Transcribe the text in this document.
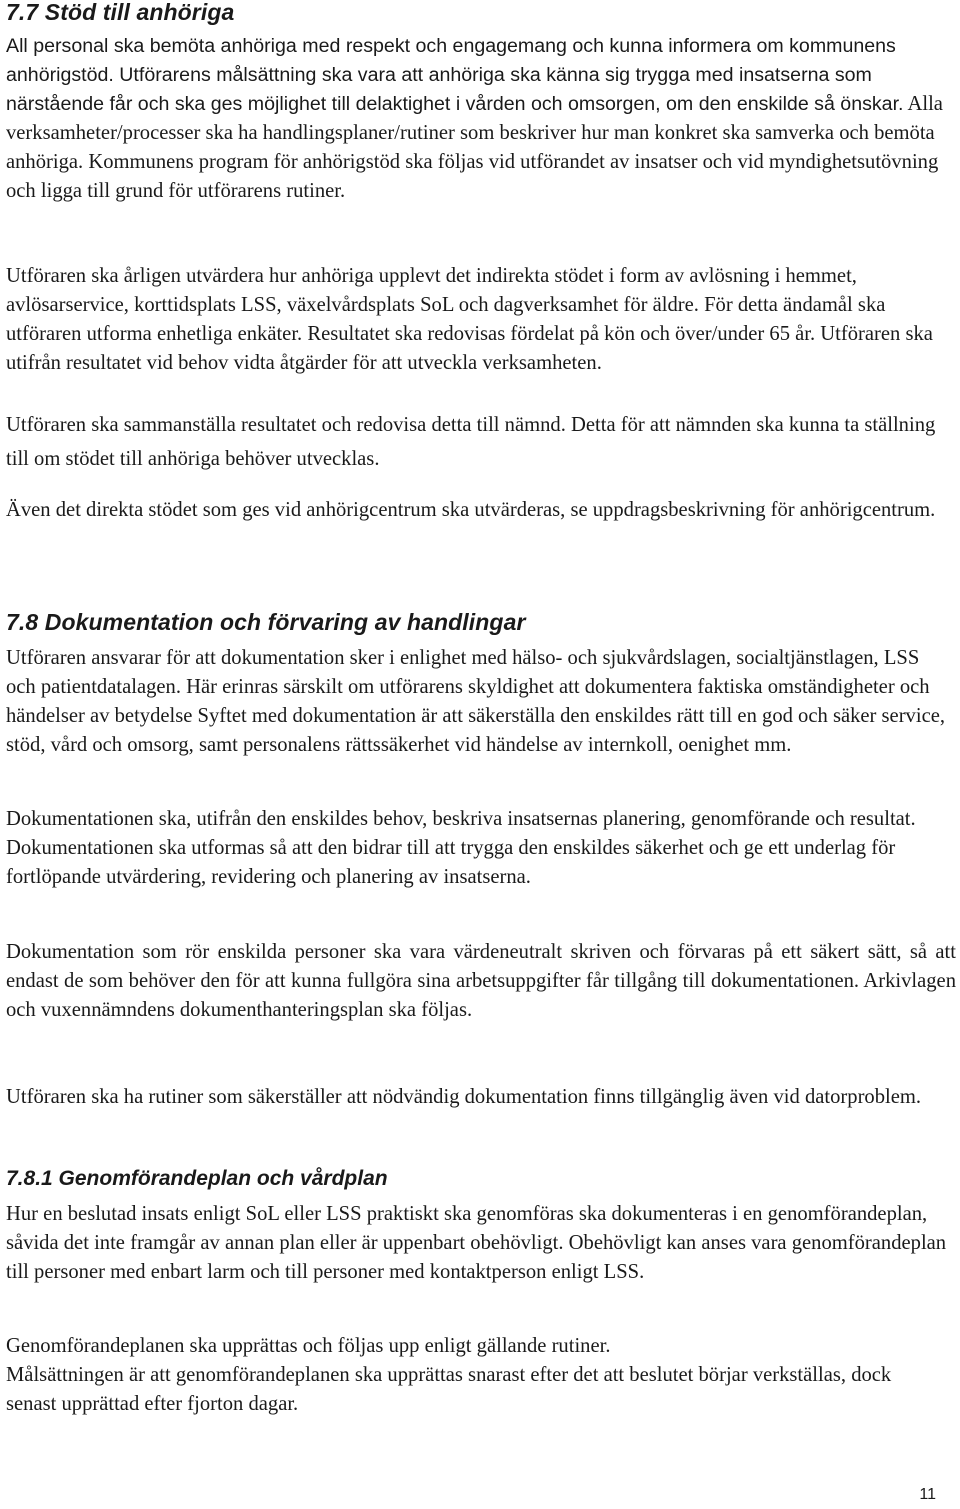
7.7 Stöd till anhöriga

All personal ska bemöta anhöriga med respekt och engagemang och kunna informera om kommunens anhörigstöd. Utförarens målsättning ska vara att anhöriga ska känna sig trygga med insatserna som närstående får och ska ges möjlighet till delaktighet i vården och omsorgen, om den enskilde så önskar. Alla verksamheter/processer ska ha handlingsplaner/rutiner som beskriver hur man konkret ska samverka och bemöta anhöriga. Kommunens program för anhörigstöd ska följas vid utförandet av insatser och vid myndighetsutövning och ligga till grund för utförarens rutiner.

Utföraren ska årligen utvärdera hur anhöriga upplevt det indirekta stödet i form av avlösning i hemmet, avlösarservice, korttidsplats LSS, växelvårdsplats SoL och dagverksamhet för äldre. För detta ändamål ska utföraren utforma enhetliga enkäter. Resultatet ska redovisas fördelat på kön och över/under 65 år. Utföraren ska utifrån resultatet vid behov vidta åtgärder för att utveckla verksamheten.

Utföraren ska sammanställa resultatet och redovisa detta till nämnd. Detta för att nämnden ska kunna ta ställning till om stödet till anhöriga behöver utvecklas.

Även det direkta stödet som ges vid anhörigcentrum ska utvärderas, se uppdragsbeskrivning för anhörigcentrum.

7.8 Dokumentation och förvaring av handlingar

Utföraren ansvarar för att dokumentation sker i enlighet med hälso- och sjukvårdslagen, socialtjänstlagen, LSS och patientdatalagen. Här erinras särskilt om utförarens skyldighet att dokumentera faktiska omständigheter och händelser av betydelse Syftet med dokumentation är att säkerställa den enskildes rätt till en god och säker service, stöd, vård och omsorg, samt personalens rättssäkerhet vid händelse av internkoll, oenighet mm.

Dokumentationen ska, utifrån den enskildes behov, beskriva insatsernas planering, genomförande och resultat. Dokumentationen ska utformas så att den bidrar till att trygga den enskildes säkerhet och ge ett underlag för fortlöpande utvärdering, revidering och planering av insatserna.

Dokumentation som rör enskilda personer ska vara värdeneutralt skriven och förvaras på ett säkert sätt, så att endast de som behöver den för att kunna fullgöra sina arbetsuppgifter får tillgång till dokumentationen. Arkivlagen och vuxennämndens dokumenthanteringsplan ska följas.

Utföraren ska ha rutiner som säkerställer att nödvändig dokumentation finns tillgänglig även vid datorproblem.

7.8.1 Genomförandeplan och vårdplan

Hur en beslutad insats enligt SoL eller LSS praktiskt ska genomföras ska dokumenteras i en genomförandeplan, såvida det inte framgår av annan plan eller är uppenbart obehövligt. Obehövligt kan anses vara genomförandeplan till personer med enbart larm och till personer med kontaktperson enligt LSS.

Genomförandeplanen ska upprättas och följas upp enligt gällande rutiner.
Målsättningen är att genomförandeplanen ska upprättas snarast efter det att beslutet börjar verkställas, dock senast upprättad efter fjorton dagar.

11
